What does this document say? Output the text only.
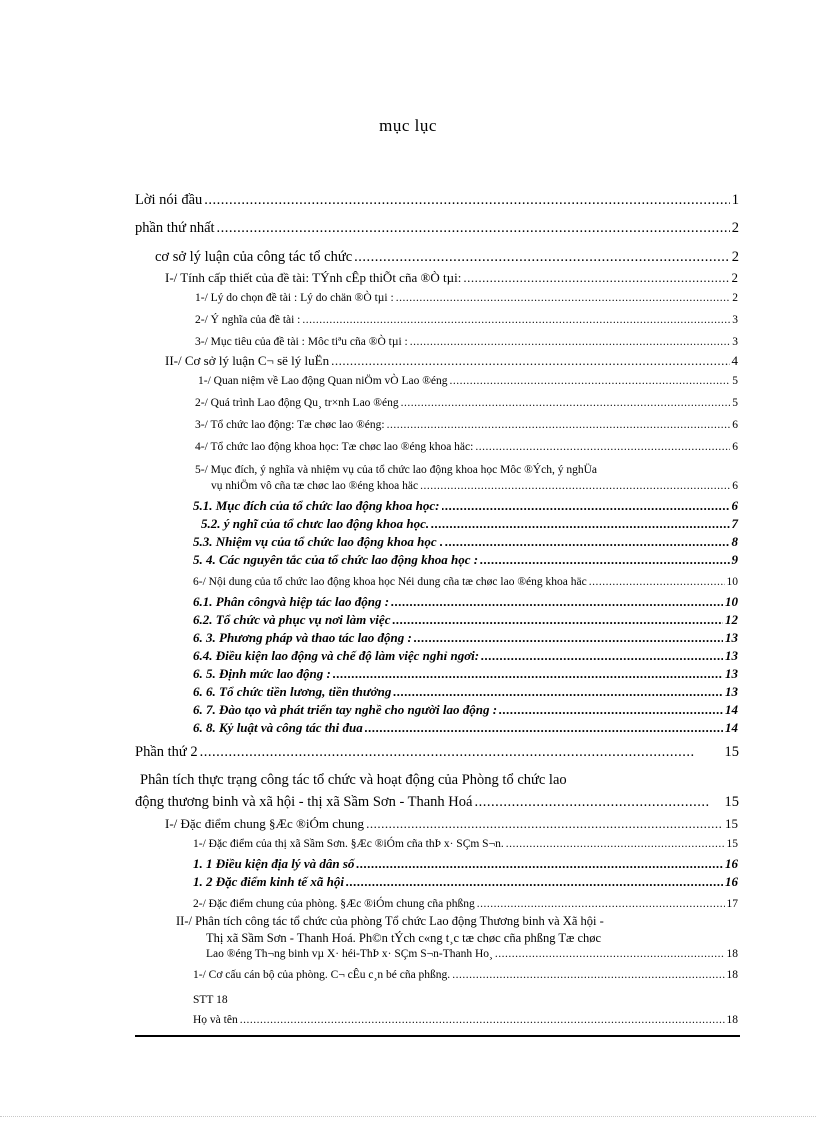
mục lục
Lời nói đầu .....	1
phần thứ nhất .....	2
cơ sở lý luận của công tác tổ chức .....	2
I-/ Tính cấp thiết của đề tài: TÝnh cÊp thiÕt cña ®Ò tµi: .....	2
1-/ Lý do chọn đề tài : Lý do chän ®Ò tµi : .....	2
2-/ Ý nghĩa của đề tài : .....	3
3-/ Mục tiêu của đề tài : Môc tiªu cña ®Ò tµi : .....	3
II-/ Cơ sở lý luận C¬ së lý luËn .....	4
1-/ Quan niệm về Lao động Quan niÖm vÒ Lao ®éng .....	5
2-/ Quá trình Lao động Qu¸ tr×nh Lao ®éng .....	5
3-/ Tổ chức lao động: Tæ chøc lao ®éng: .....	6
4-/ Tổ chức lao động khoa học: Tæ chøc lao ®éng khoa häc: .....	6
5-/ Mục đích, ý nghĩa và nhiệm vụ của tổ chức lao động khoa học Môc ®Ých, ý nghÜa
vụ nhiÖm vô cña tæ chøc lao ®éng khoa häc .....	6
5.1. Mục đích của tổ chức lao động khoa học: .....	6
5.2. ý nghĩ của tổ chưc lao động khoa học. .....	7
5.3. Nhiệm vụ của tổ chức lao động khoa học . .....	8
5. 4. Các nguyên tắc của tổ chức lao động khoa học : .....	9
6-/ Nội dung của tổ chức lao động khoa học Néi dung cña tæ chøc lao ®éng khoa häc .....	10
6.1. Phân côngvà hiệp tác lao động : .....	10
6.2. Tổ chức và phục vụ nơi làm việc .....	12
6. 3. Phương pháp và thao tác lao động : .....	13
6.4. Điều kiện lao động và chế độ làm việc nghỉ ngơi: .....	13
6. 5. Định mức lao động : .....	13
6. 6. Tổ chức tiền lương, tiền thưởng .....	13
6. 7. Đào tạo và phát triển tay nghề cho người lao động : .....	14
6. 8. Kỷ luật và công tác thi đua .....	14
Phần thứ 2 .....	15
Phân tích thực trạng công tác tổ chức và hoạt động của Phòng tổ chức lao
động thương binh và xã hội - thị xã Sầm Sơn - Thanh Hoá .....	15
I-/ Đặc điểm chung §Æc ®iÓm chung .....	15
1-/ Đặc điểm của thị xã Sầm Sơn. §Æc ®iÓm cña thÞ x· SÇm S¬n. .....	15
1. 1 Điều kiện địa lý và dân số .....	16
1. 2 Đặc điểm kinh tế xã hội .....	16
2-/ Đặc điểm chung của phòng. §Æc ®iÓm chung cña phßng .....	17
II-/ Phân tích công tác tổ chức của phòng Tổ chức Lao động Thương binh và Xã hội -
Thị xã Sầm Sơn - Thanh Hoá. Ph©n tÝch c«ng t¸c tæ chøc cña phßng Tæ chøc
Lao ®éng Th¬ng binh vµ X· héi-ThÞ x· SÇm S¬n-Thanh Ho¸ .....	18
1-/ Cơ cấu cán bộ của phòng. C¬ cÊu c¸n bé cña phßng. .....	18
STT 18
Họ và tên .....	18
